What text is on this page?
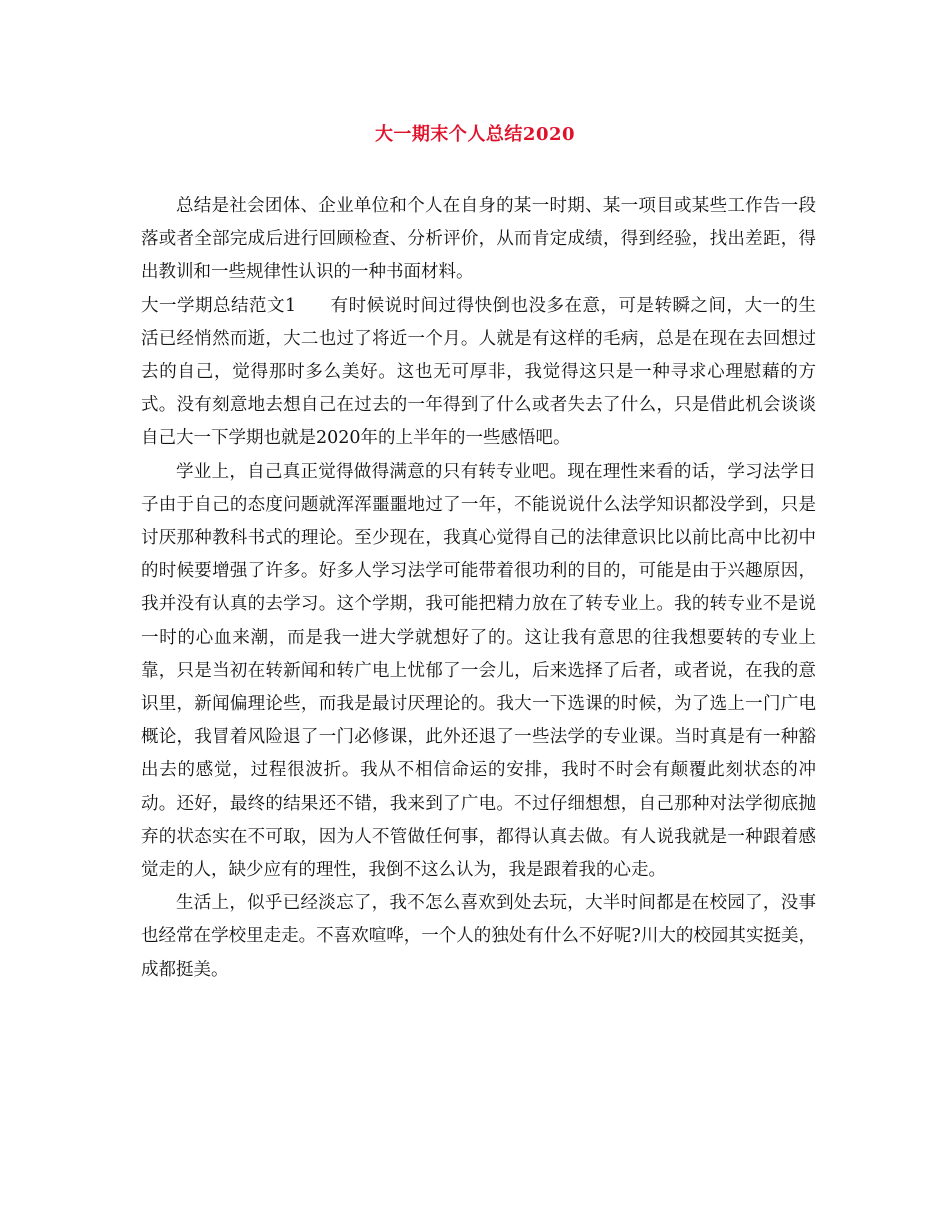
大一期末个人总结2020

总结是社会团体、企业单位和个人在自身的某一时期、某一项目或某些工作告一段落或者全部完成后进行回顾检查、分析评价，从而肯定成绩，得到经验，找出差距，得出教训和一些规律性认识的一种书面材料。

大一学期总结范文1 有时候说时间过得快倒也没多在意，可是转瞬之间，大一的生活已经悄然而逝，大二也过了将近一个月。人就是有这样的毛病，总是在现在去回想过去的自己，觉得那时多么美好。这也无可厚非，我觉得这只是一种寻求心理慰藉的方式。没有刻意地去想自己在过去的一年得到了什么或者失去了什么，只是借此机会谈谈自己大一下学期也就是2020年的上半年的一些感悟吧。

学业上，自己真正觉得做得满意的只有转专业吧。现在理性来看的话，学习法学日子由于自己的态度问题就浑浑噩噩地过了一年，不能说说什么法学知识都没学到，只是讨厌那种教科书式的理论。至少现在，我真心觉得自己的法律意识比以前比高中比初中的时候要增强了许多。好多人学习法学可能带着很功利的目的，可能是由于兴趣原因，我并没有认真的去学习。这个学期，我可能把精力放在了转专业上。我的转专业不是说一时的心血来潮，而是我一进大学就想好了的。这让我有意思的往我想要转的专业上靠，只是当初在转新闻和转广电上忧郁了一会儿，后来选择了后者，或者说，在我的意识里，新闻偏理论些，而我是最讨厌理论的。我大一下选课的时候，为了选上一门广电概论，我冒着风险退了一门必修课，此外还退了一些法学的专业课。当时真是有一种豁出去的感觉，过程很波折。我从不相信命运的安排，我时不时会有颠覆此刻状态的冲动。还好，最终的结果还不错，我来到了广电。不过仔细想想，自己那种对法学彻底抛弃的状态实在不可取，因为人不管做任何事，都得认真去做。有人说我就是一种跟着感觉走的人，缺少应有的理性，我倒不这么认为，我是跟着我的心走。

生活上，似乎已经淡忘了，我不怎么喜欢到处去玩，大半时间都是在校园了，没事也经常在学校里走走。不喜欢喧哗，一个人的独处有什么不好呢?川大的校园其实挺美，成都挺美。
